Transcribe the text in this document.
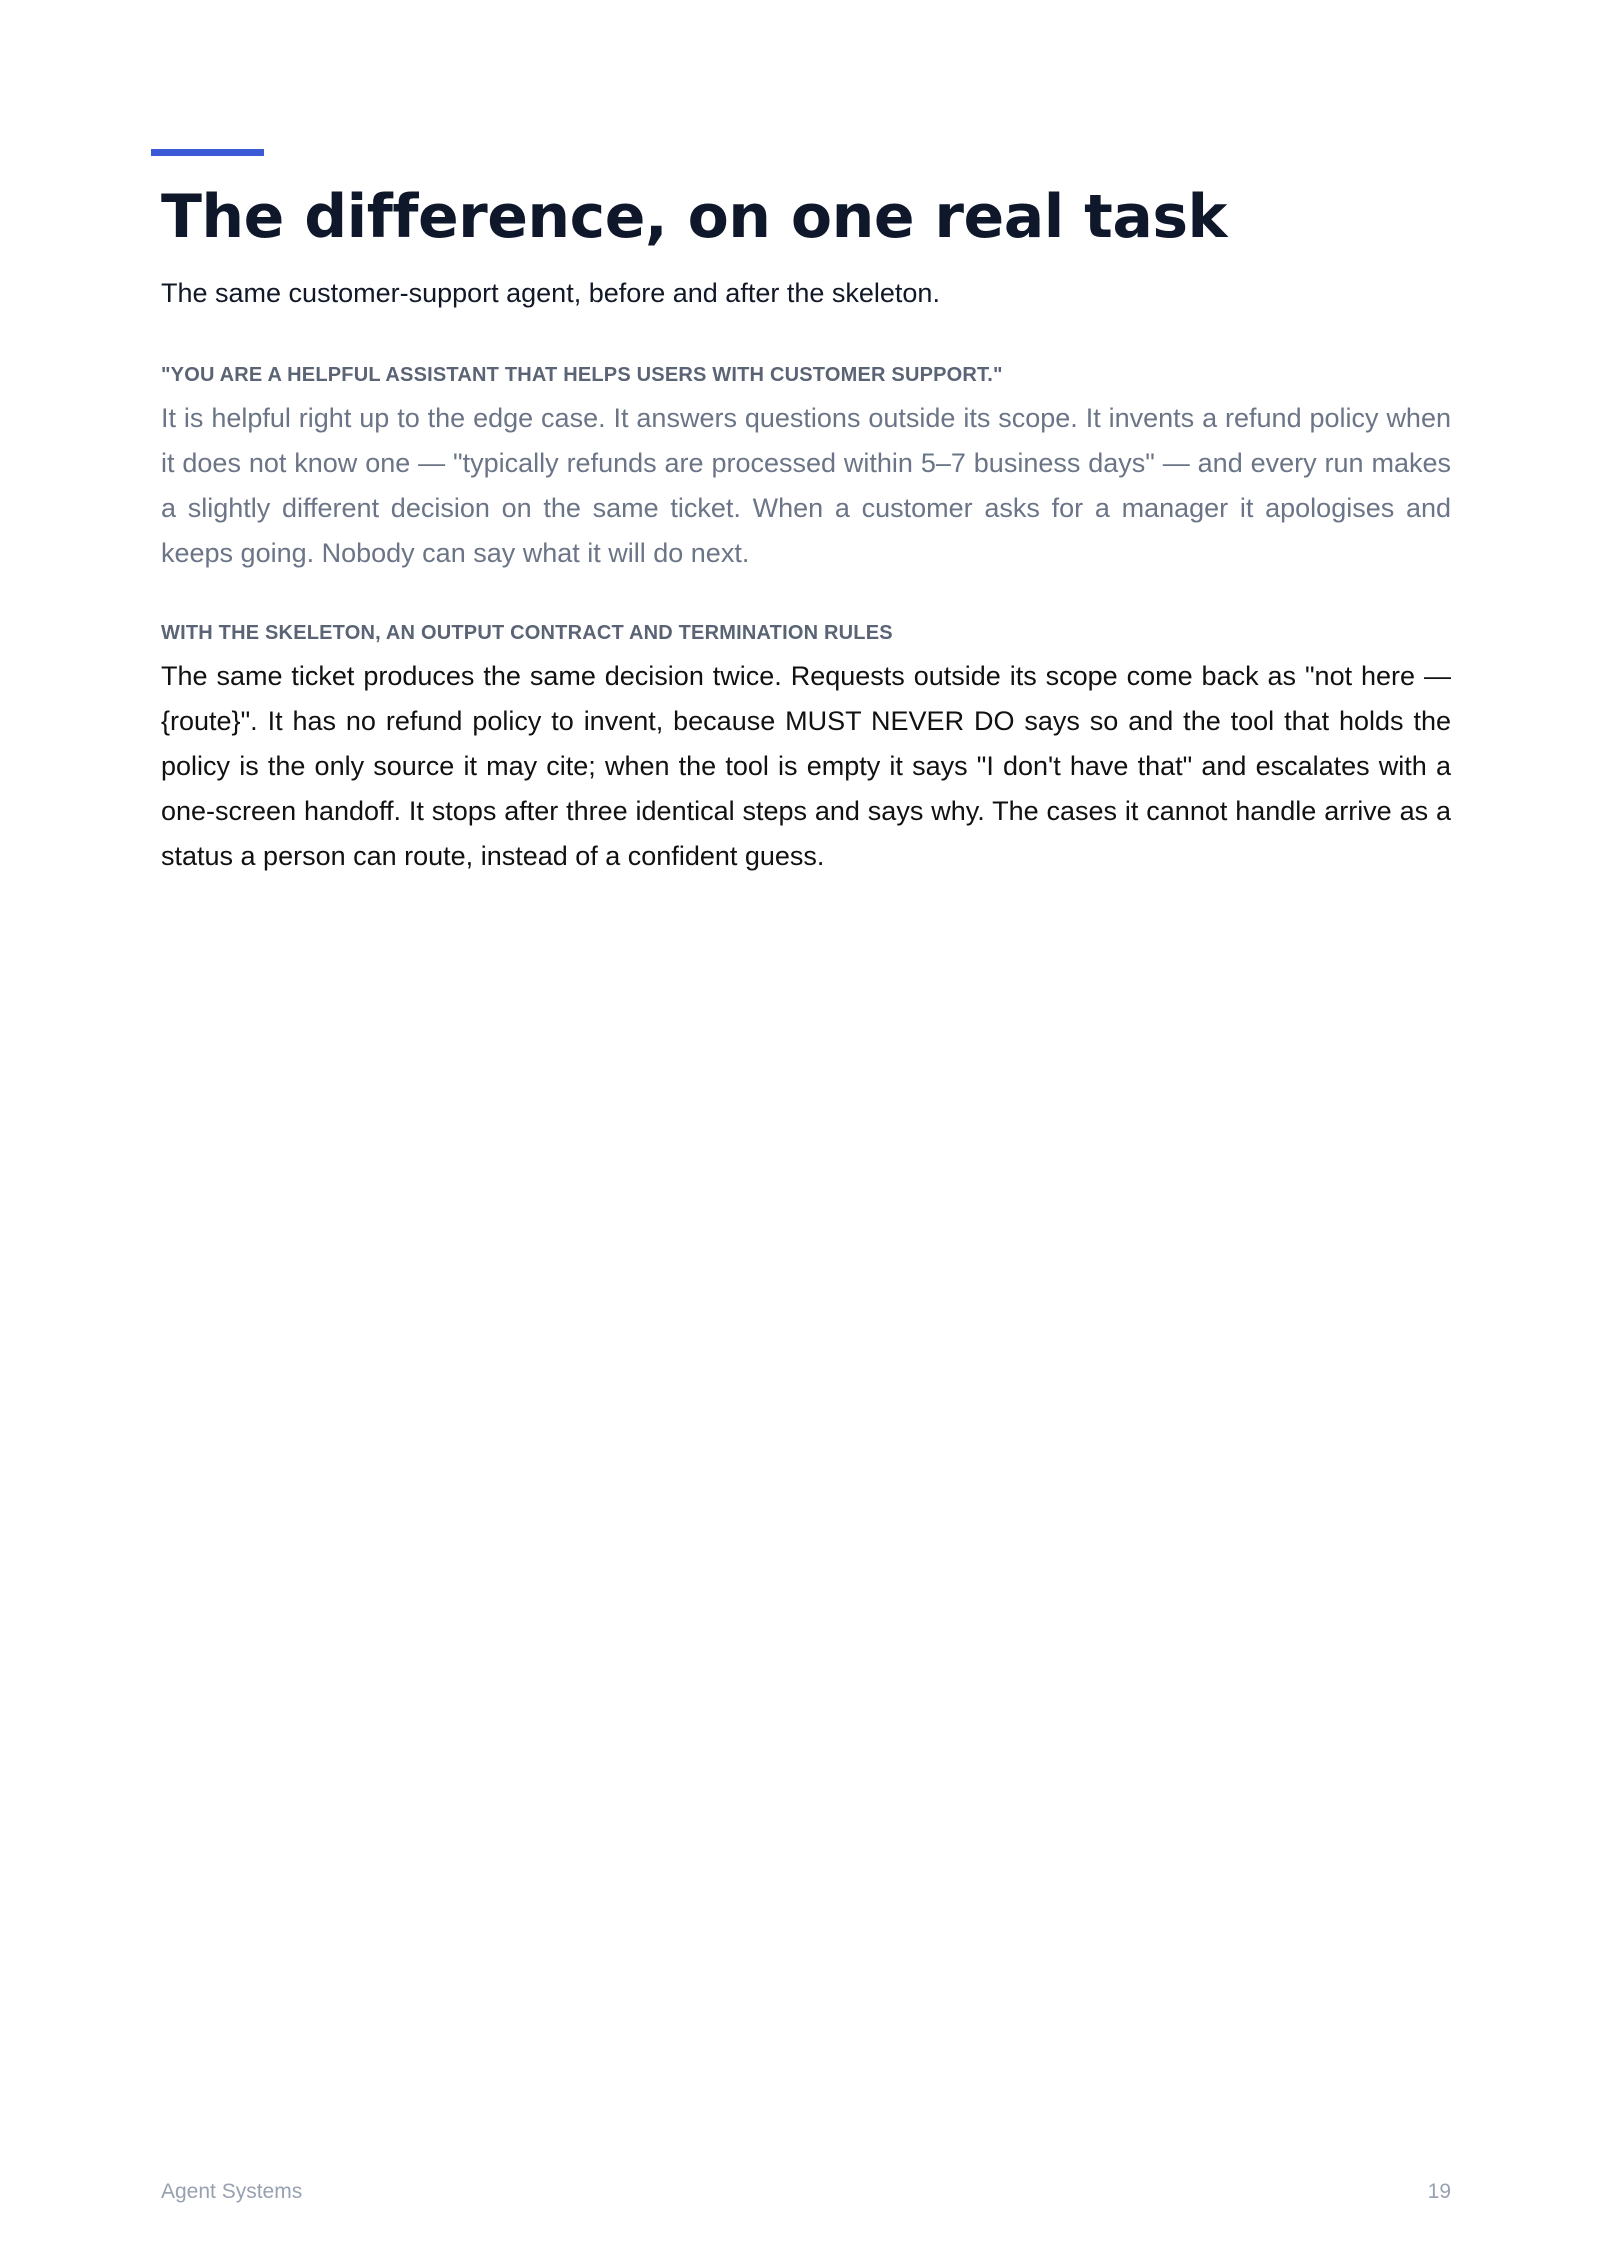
The difference, on one real task

The same customer-support agent, before and after the skeleton.

"YOU ARE A HELPFUL ASSISTANT THAT HELPS USERS WITH CUSTOMER SUPPORT."

It is helpful right up to the edge case. It answers questions outside its scope. It invents a refund policy when it does not know one — "typically refunds are processed within 5–7 business days" — and every run makes a slightly different decision on the same ticket. When a customer asks for a manager it apologises and keeps going. Nobody can say what it will do next.

WITH THE SKELETON, AN OUTPUT CONTRACT AND TERMINATION RULES

The same ticket produces the same decision twice. Requests outside its scope come back as "not here — {route}". It has no refund policy to invent, because MUST NEVER DO says so and the tool that holds the policy is the only source it may cite; when the tool is empty it says "I don't have that" and escalates with a one-screen handoff. It stops after three identical steps and says why. The cases it cannot handle arrive as a status a person can route, instead of a confident guess.

Agent Systems	19
